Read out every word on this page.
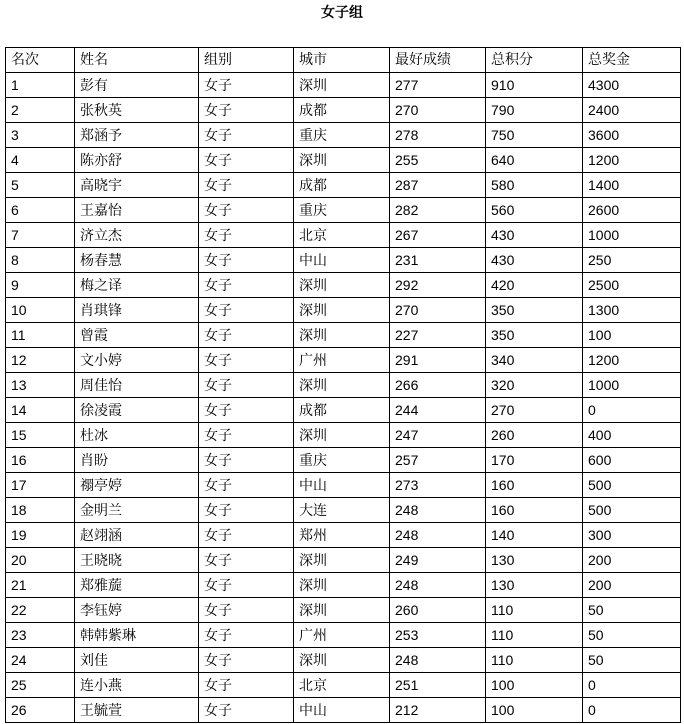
女子组
名次	姓名	组别	城市	最好成绩	总积分	总奖金
1	彭有	女子	深圳	277	910	4300
2	张秋英	女子	成都	270	790	2400
3	郑涵予	女子	重庆	278	750	3600
4	陈亦舒	女子	深圳	255	640	1200
5	高晓宇	女子	成都	287	580	1400
6	王嘉怡	女子	重庆	282	560	2600
7	济立杰	女子	北京	267	430	1000
8	杨春慧	女子	中山	231	430	250
9	梅之译	女子	深圳	292	420	2500
10	肖琪锋	女子	深圳	270	350	1300
11	曾霞	女子	深圳	227	350	100
12	文小婷	女子	广州	291	340	1200
13	周佳怡	女子	深圳	266	320	1000
14	徐凌霞	女子	成都	244	270	0
15	杜冰	女子	深圳	247	260	400
16	肖盼	女子	重庆	257	170	600
17	禤亭婷	女子	中山	273	160	500
18	金明兰	女子	大连	248	160	500
19	赵翊涵	女子	郑州	248	140	300
20	王晓晓	女子	深圳	249	130	200
21	郑雅蔙	女子	深圳	248	130	200
22	李钰婷	女子	深圳	260	110	50
23	韩韩紫琳	女子	广州	253	110	50
24	刘佳	女子	深圳	248	110	50
25	连小燕	女子	北京	251	100	0
26	王毓萱	女子	中山	212	100	0
